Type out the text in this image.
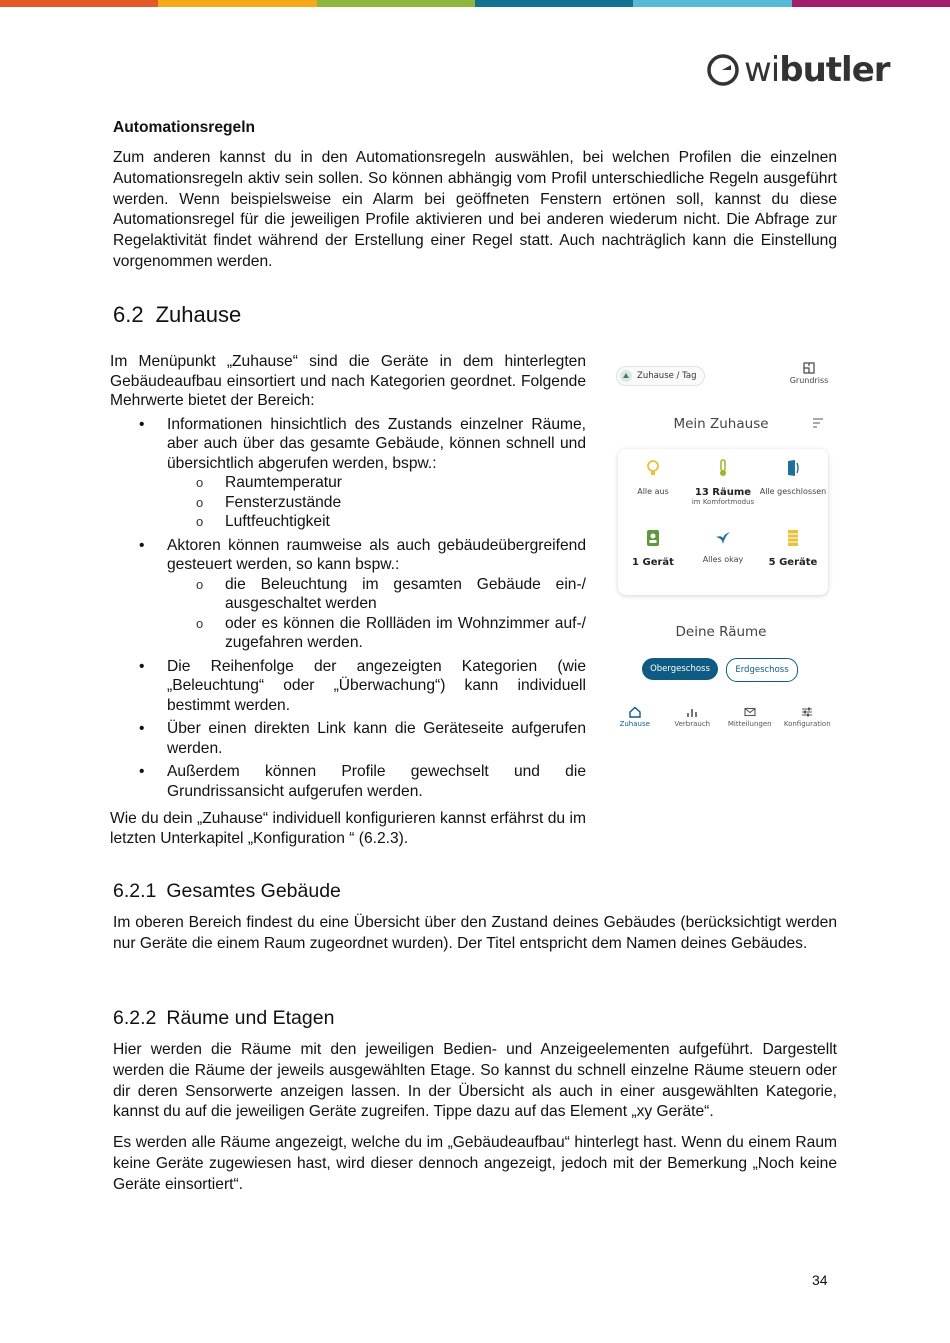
wi butler
Automationsregeln

Zum anderen kannst du in den Automationsregeln auswählen, bei welchen Profilen die einzelnen Automationsregeln aktiv sein sollen. So können abhängig vom Profil unterschiedliche Regeln ausgeführt werden. Wenn beispielsweise ein Alarm bei geöffneten Fenstern ertönen soll, kannst du diese Automationsregel für die jeweiligen Profile aktivieren und bei anderen wiederum nicht. Die Abfrage zur Regelaktivität findet während der Erstellung einer Regel statt. Auch nachträglich kann die Einstellung vorgenommen werden.

6.2 Zuhause

Im Menüpunkt „Zuhause“ sind die Geräte in dem hinterlegten Gebäudeaufbau einsortiert und nach Kategorien geordnet. Folgende Mehrwerte bietet der Bereich:

• Informationen hinsichtlich des Zustands einzelner Räume, aber auch über das gesamte Gebäude, können schnell und übersichtlich abgerufen werden, bspw.:
o Raumtemperatur
o Fensterzustände
o Luftfeuchtigkeit
• Aktoren können raumweise als auch gebäudeübergreifend gesteuert werden, so kann bspw.:
o die Beleuchtung im gesamten Gebäude ein-/ ausgeschaltet werden
o oder es können die Rollläden im Wohnzimmer auf-/ zugefahren werden.
• Die Reihenfolge der angezeigten Kategorien (wie „Beleuchtung“ oder „Überwachung“) kann individuell bestimmt werden.
• Über einen direkten Link kann die Geräteseite aufgerufen werden.
• Außerdem können Profile gewechselt und die Grundrissansicht aufgerufen werden.

Wie du dein „Zuhause“ individuell konfigurieren kannst erfährst du im letzten Unterkapitel „Konfiguration “ (6.2.3).

Zuhause / Tag	Grundriss
Mein Zuhause
Alle aus	13 Räume
im Komfortmodus
Alle geschlossen
1 Gerät	Alles okay	5 Geräte
Deine Räume
Obergeschoss	Erdgeschoss
Zuhause	Verbrauch	Mitteilungen	Konfiguration
6.2.1 Gesamtes Gebäude

Im oberen Bereich findest du eine Übersicht über den Zustand deines Gebäudes (berücksichtigt werden nur Geräte die einem Raum zugeordnet wurden). Der Titel entspricht dem Namen deines Gebäudes.

6.2.2 Räume und Etagen

Hier werden die Räume mit den jeweiligen Bedien- und Anzeigeelementen aufgeführt. Dargestellt werden die Räume der jeweils ausgewählten Etage. So kannst du schnell einzelne Räume steuern oder dir deren Sensorwerte anzeigen lassen. In der Übersicht als auch in einer ausgewählten Kategorie, kannst du auf die jeweiligen Geräte zugreifen. Tippe dazu auf das Element „xy Geräte“.

Es werden alle Räume angezeigt, welche du im „Gebäudeaufbau“ hinterlegt hast. Wenn du einem Raum keine Geräte zugewiesen hast, wird dieser dennoch angezeigt, jedoch mit der Bemerkung „Noch keine Geräte einsortiert“.

34
